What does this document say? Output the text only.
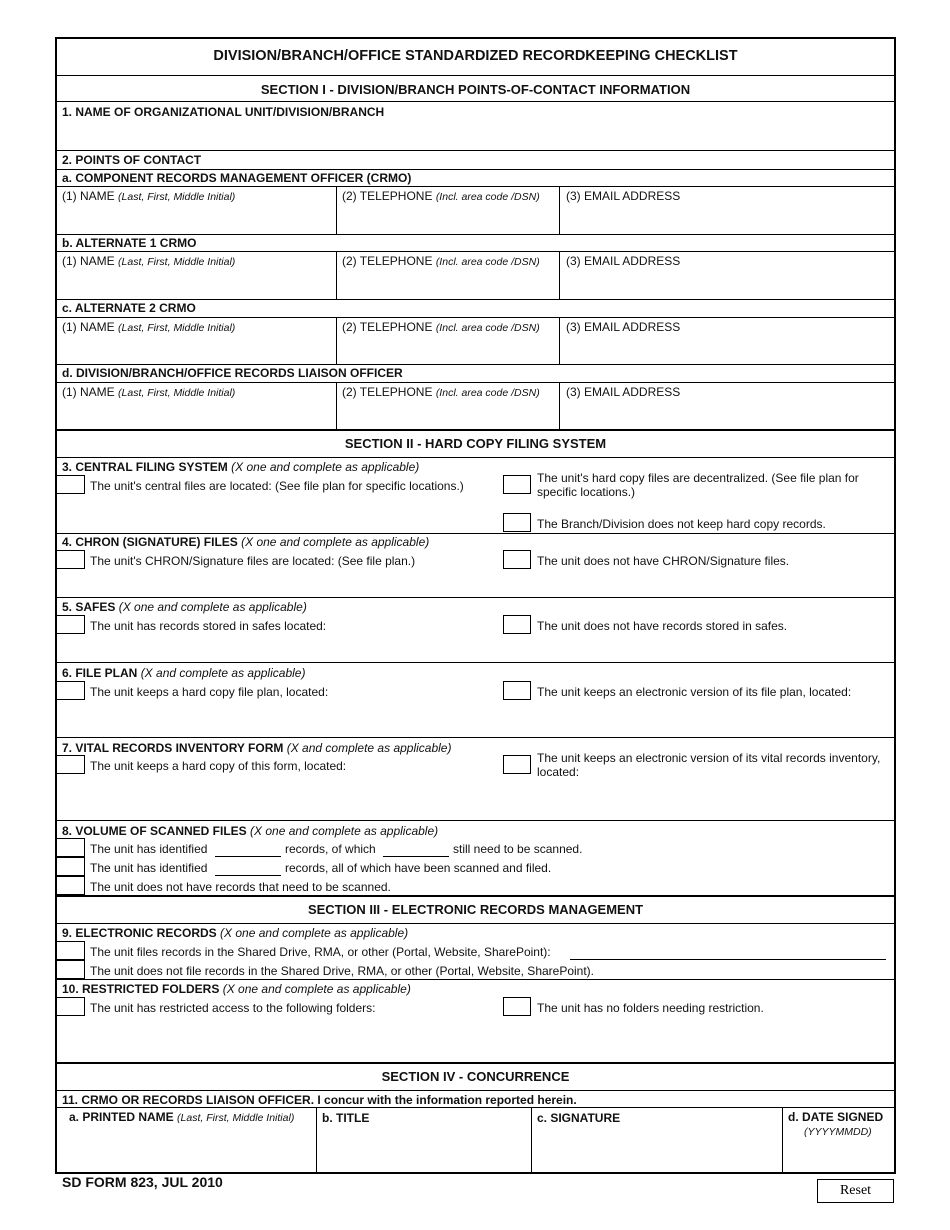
DIVISION/BRANCH/OFFICE STANDARDIZED RECORDKEEPING CHECKLIST
SECTION I - DIVISION/BRANCH POINTS-OF-CONTACT INFORMATION
1. NAME OF ORGANIZATIONAL UNIT/DIVISION/BRANCH
2. POINTS OF CONTACT
a. COMPONENT RECORDS MANAGEMENT OFFICER (CRMO)
(1) NAME (Last, First, Middle Initial)	(2) TELEPHONE (Incl. area code /DSN) (3) EMAIL ADDRESS
b. ALTERNATE 1 CRMO
(1) NAME (Last, First, Middle Initial)	(2) TELEPHONE (Incl. area code /DSN) (3) EMAIL ADDRESS
c. ALTERNATE 2 CRMO
(1) NAME (Last, First, Middle Initial)	(2) TELEPHONE (Incl. area code /DSN) (3) EMAIL ADDRESS
d. DIVISION/BRANCH/OFFICE RECORDS LIAISON OFFICER
(1) NAME (Last, First, Middle Initial)	(2) TELEPHONE (Incl. area code /DSN) (3) EMAIL ADDRESS
SECTION II - HARD COPY FILING SYSTEM
3. CENTRAL FILING SYSTEM (X one and complete as applicable)
The unit's central files are located: (See file plan for specific locations.)
The unit's hard copy files are decentralized. (See file plan for specific locations.)
The Branch/Division does not keep hard copy records.
4. CHRON (SIGNATURE) FILES (X one and complete as applicable)
The unit's CHRON/Signature files are located: (See file plan.)	The unit does not have CHRON/Signature files.
5. SAFES (X one and complete as applicable)
The unit has records stored in safes located:	The unit does not have records stored in safes.
6. FILE PLAN (X and complete as applicable)
The unit keeps a hard copy file plan, located:	The unit keeps an electronic version of its file plan, located:
7. VITAL RECORDS INVENTORY FORM (X and complete as applicable)
The unit keeps a hard copy of this form, located:
The unit keeps an electronic version of its vital records inventory, located:
8. VOLUME OF SCANNED FILES (X one and complete as applicable)
The unit has identified	records, of which	still need to be scanned.
The unit has identified	records, all of which have been scanned and filed.
The unit does not have records that need to be scanned.
SECTION III - ELECTRONIC RECORDS MANAGEMENT
9. ELECTRONIC RECORDS (X one and complete as applicable)
The unit files records in the Shared Drive, RMA, or other (Portal, Website, SharePoint):
The unit does not file records in the Shared Drive, RMA, or other (Portal, Website, SharePoint).
10. RESTRICTED FOLDERS (X one and complete as applicable)
The unit has restricted access to the following folders:	The unit has no folders needing restriction.
SECTION IV - CONCURRENCE
11. CRMO OR RECORDS LIAISON OFFICER. I concur with the information reported herein.
a. PRINTED NAME (Last, First, Middle Initial) b. TITLE	c. SIGNATURE	d. DATE SIGNED
(YYYYMMDD)
SD FORM 823, JUL 2010
Reset
